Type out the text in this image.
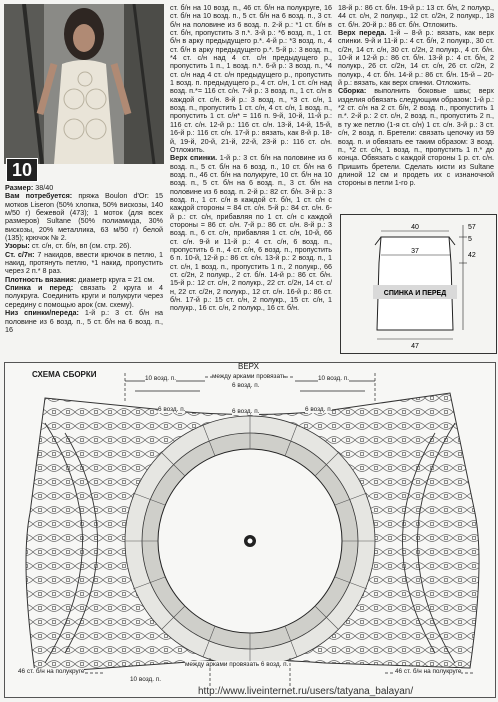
10

Размер: 38/40

Вам потребуется: пряжа Boulon d'Or: 15 мотков Liseron (50% хлопка, 50% вискозы, 140 м/50 г) бежевой (473); 1 моток (для всех размеров) Sultane (50% полиамида, 30% вискозы, 20% металлика, 63 м/50 г) белой (135); крючок № 2.

Узоры: ст. с/н, ст. б/н, вп (см. стр. 26).

Ст. с/7н: 7 накидов, ввести крючок в петлю, 1 накид, протянуть петлю, *1 накид, пропустить через 2 п.* 8 раз.

Плотность вязания: диаметр круга = 21 см.

Спинка и перед: связать 2 круга и 4 полукруга. Соединить круги и полукруги через середину с помощью арок (см. схему).

Низ спинки/переда: 1-й р.: 3 ст. б/н на половине из 6 возд. п., 5 ст. б/н на 6 возд. п., 16

ст. б/н на 10 возд. п., 46 ст. б/н на полукруге, 16 ст. б/н на 10 возд. п., 5 ст. б/н на 6 возд. п., 3 ст. б/н на половине из 6 возд. п. 2-й р.: *1 ст. б/н в ст. б/н, пропустить 3 п.*. 3-й р.: *6 возд. п., 1 ст. б/н в арку предыдущего р.*. 4-й р.: *3 возд. п., 4 ст. б/н в арку предыдущего р.*. 5-й р.: 3 возд. п., *4 ст. с/н над 4 ст. с/н предыдущего р., пропустить 1 п., 1 возд. п.*. 6-й р.: 3 возд. п., *4 ст. с/н над 4 ст. с/н предыдущего р., пропустить 1 возд. п. предыдущего р., 4 ст. с/н, 1 ст. с/н над возд. п.*= 116 ст. с/н. 7-й р.: 3 возд. п., 1 ст. с/н в каждой ст. с/н. 8-й р.: 3 возд. п., *3 ст. с/н, 1 возд. п., пропустить 1 ст. с/н, 4 ст. с/н, 1 возд. п., пропустить 1 ст. с/н* = 116 п. 9-й, 10-й, 11-й р.: 116 ст. с/н. 12-й р.: 116 ст. с/н. 13-й, 14-й, 15-й, 16-й р.: 116 ст. с/н. 17-й р.: вязать, как 8-й р. 18-й, 19-й, 20-й, 21-й, 22-й, 23-й р.: 116 ст. с/н. Отложить.

Верх спинки. 1-й р.: 3 ст. б/н на половине из 6 возд. п., 5 ст. б/н на 6 возд. п., 10 ст. б/н на 6 возд. п., 46 ст. б/н на полукруге, 10 ст. б/н на 10 возд. п., 5 ст. б/н на 6 возд. п., 3 ст. б/н на половине из 6 возд. п. 2-й р.: 82 ст. б/н. 3-й р.: 3 возд. п., 1 ст. с/н в каждой ст. б/н, 1 ст. с/н с каждой стороны = 84 ст. с/н. 5-й р.: 84 ст. с/н. 6-й р.: ст. с/н, прибавляя по 1 ст. с/н с каждой стороны = 86 ст. с/н. 7-й р.: 86 ст. с/н. 8-й р.: 3 возд. п., 6 ст. с/н, прибавляя 1 ст. с/н, 10-й, 66 ст. с/н. 9-й и 11-й р.: 4 ст. с/н, 6 возд. п., пропустить 6 п., 4 ст. с/н, 6 возд. п., пропустить 6 п. 10-й, 12-й р.: 86 ст. с/н. 13-й р.: 2 возд. п., 1 ст. с/н, 1 возд. п., пропустить 1 п., 2 полукр., 66 ст. с/2н, 2 полукр., 2 ст. б/н. 14-й р.: 86 ст. б/н. 15-й р.: 12 ст. с/н, 2 полукр., 22 ст. с/2н, 14 ст. с/н, 22 ст. с/2н, 2 полукр., 12 ст. с/н. 16-й р.: 86 ст. б/н. 17-й р.: 15 ст. с/н, 2 полукр., 15 ст. с/н, 1 полукр., 16 ст. с/н, 2 полукр., 16 ст. б/н.

18-й р.: 86 ст. б/н. 19-й р.: 13 ст. б/н, 2 полукр., 44 ст. с/н, 2 полукр., 12 ст. с/2н, 2 полукр., 18 ст. б/н. 20-й р.: 86 ст. б/н. Отложить.

Верх переда. 1-й – 8-й р.: вязать, как верх спинки. 9-й и 11-й р.: 4 ст. б/н, 2 полукр., 30 ст. с/2н, 14 ст. с/н, 30 ст. с/2н, 2 полукр., 4 ст. б/н. 10-й и 12-й р.: 86 ст. б/н. 13-й р.: 4 ст. б/н, 2 полукр., 26 ст. с/2н, 14 ст. с/н, 26 ст. с/2н, 2 полукр., 4 ст. б/н. 14-й р.: 86 ст. б/н. 15-й – 20-й р.: вязать, как верх спинки. Отложить.

Сборка: выполнить боковые швы; верх изделия обвязать следующим образом: 1-й р.: *2 ст. с/н на 2 ст. б/н, 2 возд. п., пропустить 1 п.*. 2-й р.: 2 ст. с/н, 2 возд. п., пропустить 2 п., в ту же петлю (1-я ст. с/н) 1 ст. с/н. 3-й р.: 3 ст. с/н, 2 возд. п. Бретели: связать цепочку из 59 возд. п. и обвязать ее таким образом: 3 возд. п., *2 ст. с/н, 1 возд. п., пропустить 1 п.* до конца. Обвязать с каждой стороны 1 р. ст. с/н. Пришить бретели. Сделать кисти из Sultane длиной 12 см и продеть их с изнаночной стороны в петли 1-го р.

СПИНКА И ПЕРЕД
40
37
47
57
5
42
СХЕМА СБОРКИ
ВЕРХ
10 возд. п.	10 возд. п.
между арками провязать
6 возд. п.
6 возд. п.	6 возд. п.	6 возд. п.
между арками провязать 6 возд. п.
46 ст. б/н на полукруге	46 ст. б/н на полукруге
10 возд. п.
http://www.liveinternet.ru/users/tatyana_balayan/
